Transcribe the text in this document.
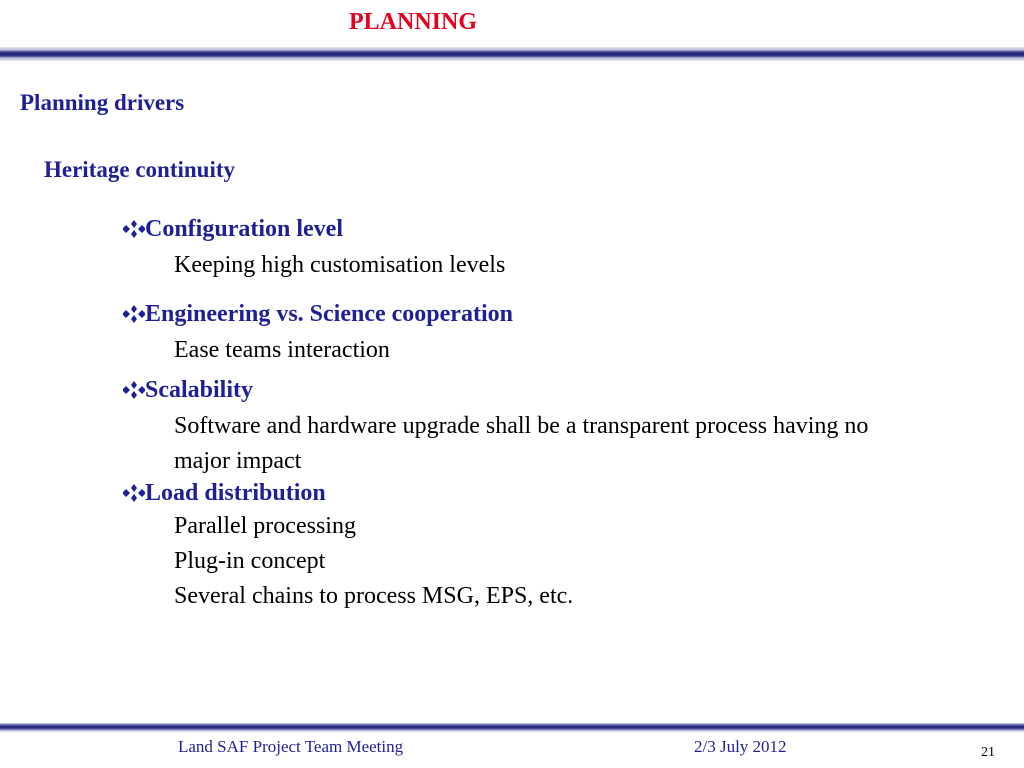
PLANNING
Planning drivers
Heritage continuity
Configuration level
Keeping high customisation levels
Engineering vs. Science cooperation
Ease teams interaction
Scalability
Software and hardware upgrade shall be a transparent process having no
major impact
Load distribution
Parallel processing
Plug-in concept
Several chains to process MSG, EPS, etc.
Land SAF Project Team Meeting	2/3 July 2012	21
